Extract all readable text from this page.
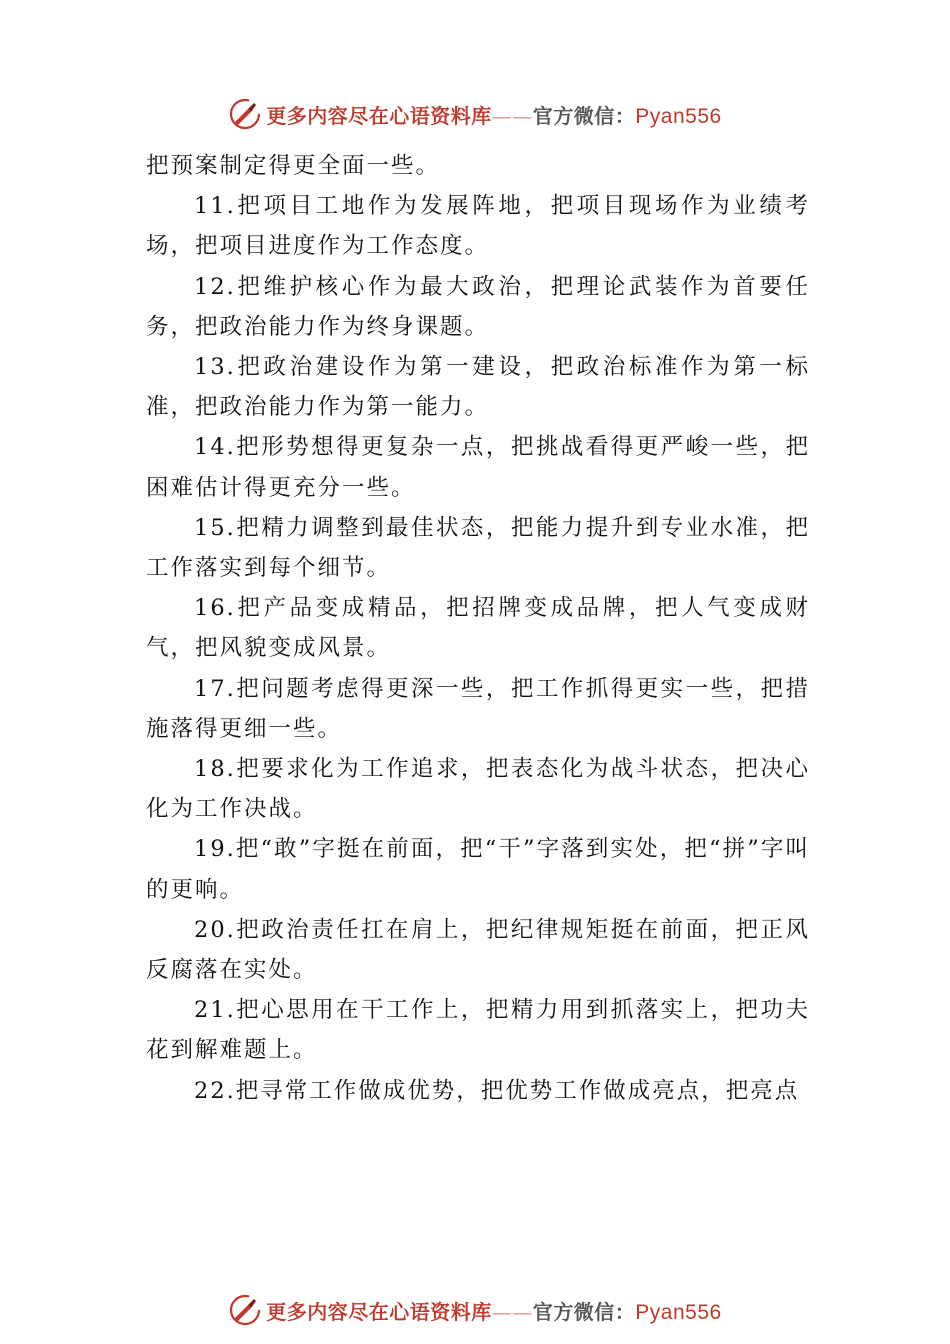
更多内容尽在心语资料库——官方微信：Pyan556

把预案制定得更全面一些。

11.把项目工地作为发展阵地，把项目现场作为业绩考场，把项目进度作为工作态度。

12.把维护核心作为最大政治，把理论武装作为首要任务，把政治能力作为终身课题。

13.把政治建设作为第一建设，把政治标准作为第一标准，把政治能力作为第一能力。

14.把形势想得更复杂一点，把挑战看得更严峻一些，把困难估计得更充分一些。

15.把精力调整到最佳状态，把能力提升到专业水准，把工作落实到每个细节。

16.把产品变成精品，把招牌变成品牌，把人气变成财气，把风貌变成风景。

17.把问题考虑得更深一些，把工作抓得更实一些，把措施落得更细一些。

18.把要求化为工作追求，把表态化为战斗状态，把决心化为工作决战。

19.把“敢”字挺在前面，把“干”字落到实处，把“拼”字叫的更响。

20.把政治责任扛在肩上，把纪律规矩挺在前面，把正风反腐落在实处。

21.把心思用在干工作上，把精力用到抓落实上，把功夫花到解难题上。

22.把寻常工作做成优势，把优势工作做成亮点，把亮点

更多内容尽在心语资料库——官方微信：Pyan556
